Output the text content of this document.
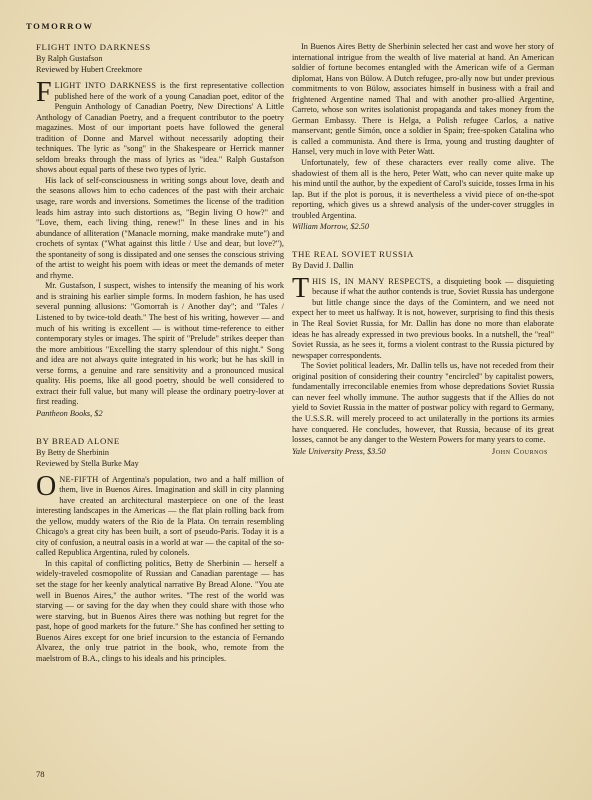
TOMORROW
FLIGHT INTO DARKNESS
By Ralph Gustafson
Reviewed by Hubert Creekmore

FLIGHT INTO DARKNESS is the first representative collection published here of the work of a young Canadian poet, editor of the Penguin Anthology of Canadian Poetry, New Directions' A Little Anthology of Canadian Poetry, and a frequent contributor to the poetry magazines. Most of our important poets have followed the general tradition of Donne and Marvel without necessarily adopting their techniques. The lyric as "song" in the Shakespeare or Herrick manner seldom breaks through the mass of lyrics as "idea." Ralph Gustafson shows about equal parts of these two types of lyric.

His lack of self-consciousness in writing songs about love, death and the seasons allows him to echo cadences of the past with their archaic usage, rare words and inversions. Sometimes the license of the tradition leads him astray into such distortions as, "Begin living O how?" and "Love, them, each living thing, renew!" In these lines and in his abundance of alliteration ("Manacle morning, make mandrake mute") and crochets of syntax ("What against this little / Use and dear, but love?"), the spontaneity of song is dissipated and one senses the conscious striving of the artist to weight his poem with ideas or meet the demands of meter and rhyme.

Mr. Gustafson, I suspect, wishes to intensify the meaning of his work and is straining his earlier simple forms. In modern fashion, he has used several punning allusions: "Gomorrah is / Another day"; and "Tales / Listened to by twice-told death." The best of his writing, however — and much of his writing is excellent — is without time-reference to either contemporary styles or images. The spirit of "Prelude" strikes deeper than the more ambitious "Excelling the starry splendour of this night." Song and idea are not always quite integrated in his work; but he has skill in verse forms, a genuine and rare sensitivity and a pronounced musical quality. His poems, like all good poetry, should be well considered to extract their full value, but many will please the ordinary poetry-lover at first reading.

Pantheon Books, $2
BY BREAD ALONE
By Betty de Sherbinin
Reviewed by Stella Burke May

ONE-FIFTH of Argentina's population, two and a half million of them, live in Buenos Aires. Imagination and skill in city planning have created an architectural masterpiece on one of the least interesting landscapes in the Americas — the flat plain rolling back from the yellow, muddy waters of the Rio de la Plata. On terrain resembling Chicago's a great city has been built, a sort of pseudo-Paris. Today it is a city of confusion, a neutral oasis in a world at war — the capital of the so-called Republica Argentina, ruled by colonels.

In this capital of conflicting politics, Betty de Sherbinin — herself a widely-traveled cosmopolite of Russian and Canadian parentage — has set the stage for her keenly analytical narrative By Bread Alone. "You ate well in Buenos Aires," the author writes. "The rest of the world was starving — or saving for the day when they could share with those who were starving, but in Buenos Aires there was nothing but regret for the past, hope of good markets for the future." She has confined her setting to Buenos Aires except for one brief incursion to the estancia of Fernando Alvarez, the only true patriot in the book, who, remote from the maelstrom of B.A., clings to his ideals and his principles.

In Buenos Aires Betty de Sherbinin selected her cast and wove her story of international intrigue from the wealth of live material at hand. An American soldier of fortune becomes entangled with the American wife of a German diplomat, Hans von Bülow. A Dutch refugee, pro-ally now but under previous commitments to von Bülow, associates himself in business with a frail and frightened Argentine named Thal and with another pro-allied Argentine, Carreto, whose son writes isolationist propaganda and takes money from the German Embassy. There is Helga, a Polish refugee Carlos, a native manservant; gentle Simón, once a soldier in Spain; free-spoken Catalina who is called a communista. And there is Irma, young and trusting daughter of Hansel, very much in love with Peter Watt.

Unfortunately, few of these characters ever really come alive. The shadowiest of them all is the hero, Peter Watt, who can never quite make up his mind until the author, by the expedient of Carol's suicide, tosses Irma in his lap. But if the plot is porous, it is nevertheless a vivid piece of on-the-spot reporting, which gives us a shrewd analysis of the under-cover struggles in troubled Argentina.

William Morrow, $2.50
THE REAL SOVIET RUSSIA
By David J. Dallin

THIS IS, IN MANY RESPECTS, a disquieting book — disquieting because if what the author contends is true, Soviet Russia has undergone but little change since the days of the Comintern, and we need not expect her to meet us halfway. It is not, however, surprising to find this thesis in The Real Soviet Russia, for Mr. Dallin has done no more than elaborate ideas he has already expressed in two previous books. In a nutshell, the "real" Soviet Russia, as he sees it, forms a violent contrast to the Russia pictured by newspaper correspondents.

The Soviet political leaders, Mr. Dallin tells us, have not receded from their original position of considering their country "encircled" by capitalist powers, fundamentally irreconcilable enemies from whose depredations Soviet Russia can never feel wholly immune. The author suggests that if the Allies do not yield to Soviet Russia in the matter of postwar policy with regard to Germany, the U.S.S.R. will merely proceed to act unilaterally in the portions its armies have conquered. He concludes, however, that Russia, because of its great losses, cannot be any danger to the Western Powers for many years to come.

Yale University Press, $3.50	John Cournos
78
